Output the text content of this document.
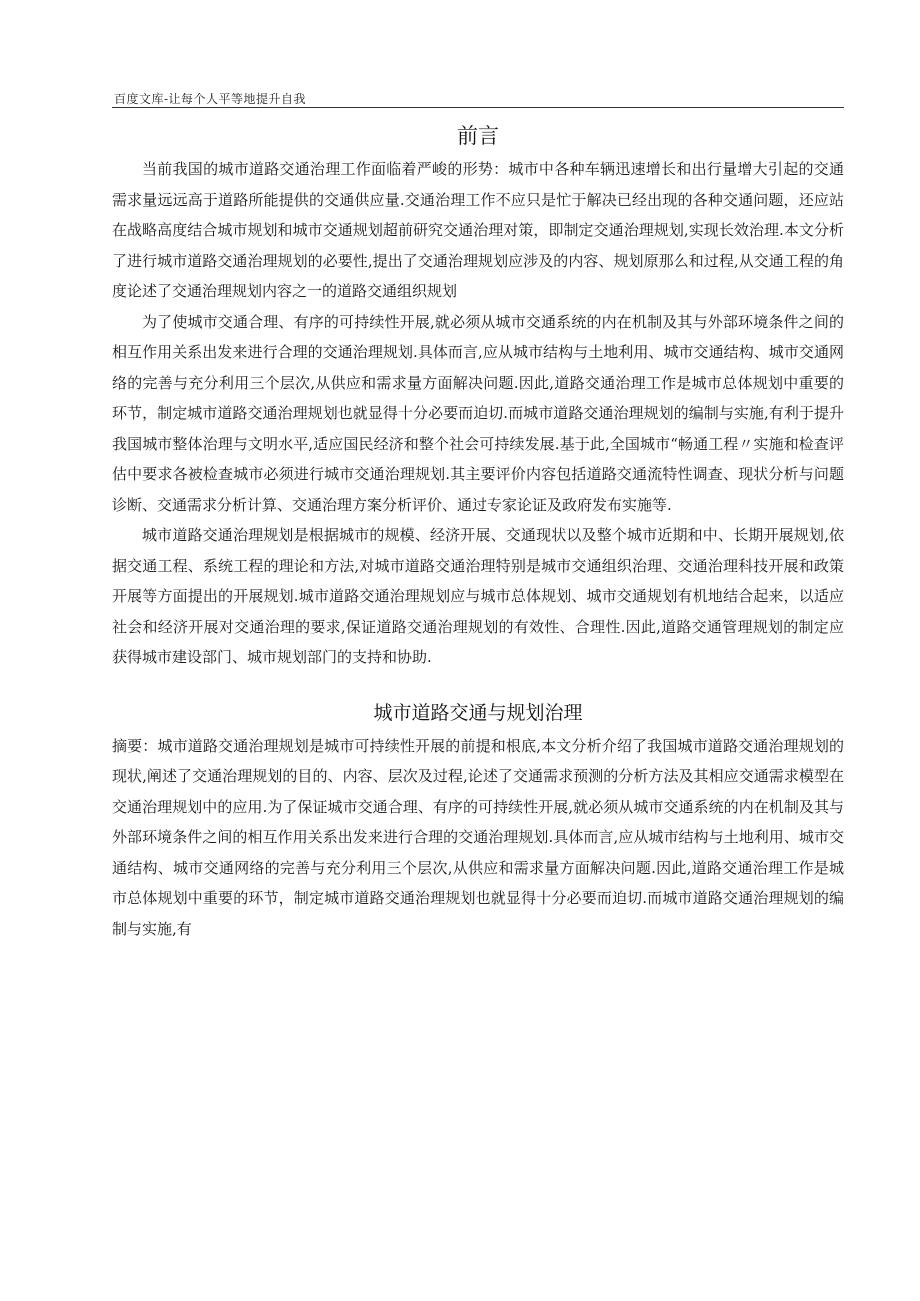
百度文库-让每个人平等地提升自我
前言

当前我国的城市道路交通治理工作面临着严峻的形势：城市中各种车辆迅速增长和出行量增大引起的交通需求量远远高于道路所能提供的交通供应量.交通治理工作不应只是忙于解决已经出现的各种交通问题，还应站在战略高度结合城市规划和城市交通规划超前研究交通治理对策，即制定交通治理规划,实现长效治理.本文分析了进行城市道路交通治理规划的必要性,提出了交通治理规划应涉及的内容、规划原那么和过程,从交通工程的角度论述了交通治理规划内容之一的道路交通组织规划

为了使城市交通合理、有序的可持续性开展,就必须从城市交通系统的内在机制及其与外部环境条件之间的相互作用关系出发来进行合理的交通治理规划.具体而言,应从城市结构与土地利用、城市交通结构、城市交通网络的完善与充分利用三个层次,从供应和需求量方面解决问题.因此,道路交通治理工作是城市总体规划中重要的环节，制定城市道路交通治理规划也就显得十分必要而迫切.而城市道路交通治理规划的编制与实施,有利于提升我国城市整体治理与文明水平,适应国民经济和整个社会可持续发展.基于此,全国城市“畅通工程〃实施和检查评估中要求各被检查城市必须进行城市交通治理规划.其主要评价内容包括道路交通流特性调查、现状分析与问题诊断、交通需求分析计算、交通治理方案分析评价、通过专家论证及政府发布实施等.

城市道路交通治理规划是根据城市的规模、经济开展、交通现状以及整个城市近期和中、长期开展规划,依据交通工程、系统工程的理论和方法,对城市道路交通治理特别是城市交通组织治理、交通治理科技开展和政策开展等方面提出的开展规划.城市道路交通治理规划应与城市总体规划、城市交通规划有机地结合起来，以适应社会和经济开展对交通治理的要求,保证道路交通治理规划的有效性、合理性.因此,道路交通管理规划的制定应获得城市建设部门、城市规划部门的支持和协助.

城市道路交通与规划治理

摘要：城市道路交通治理规划是城市可持续性开展的前提和根底,本文分析介绍了我国城市道路交通治理规划的现状,阐述了交通治理规划的目的、内容、层次及过程,论述了交通需求预测的分析方法及其相应交通需求模型在交通治理规划中的应用.为了保证城市交通合理、有序的可持续性开展,就必须从城市交通系统的内在机制及其与外部环境条件之间的相互作用关系出发来进行合理的交通治理规划.具体而言,应从城市结构与土地利用、城市交通结构、城市交通网络的完善与充分利用三个层次,从供应和需求量方面解决问题.因此,道路交通治理工作是城市总体规划中重要的环节，制定城市道路交通治理规划也就显得十分必要而迫切.而城市道路交通治理规划的编制与实施,有
